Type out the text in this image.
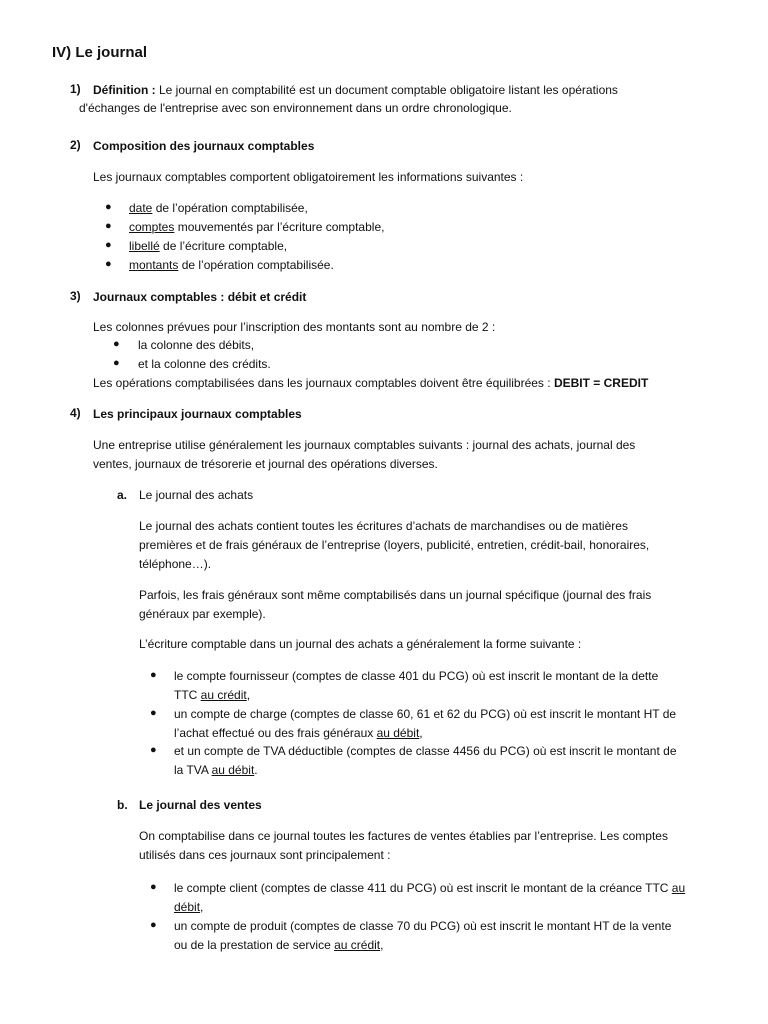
IV) Le journal
1) Définition : Le journal en comptabilité est un document comptable obligatoire listant les opérations
d'échanges de l'entreprise avec son environnement dans un ordre chronologique.
2) Composition des journaux comptables
Les journaux comptables comportent obligatoirement les informations suivantes :
● date de l’opération comptabilisée,
● comptes mouvementés par l’écriture comptable,
● libellé de l’écriture comptable,
● montants de l’opération comptabilisée.
3) Journaux comptables : débit et crédit
Les colonnes prévues pour l’inscription des montants sont au nombre de 2 :
● la colonne des débits,
● et la colonne des crédits.
Les opérations comptabilisées dans les journaux comptables doivent être équilibrées : DEBIT = CREDIT
4) Les principaux journaux comptables
Une entreprise utilise généralement les journaux comptables suivants : journal des achats, journal des
ventes, journaux de trésorerie et journal des opérations diverses.
a. Le journal des achats
Le journal des achats contient toutes les écritures d’achats de marchandises ou de matières
premières et de frais généraux de l’entreprise (loyers, publicité, entretien, crédit-bail, honoraires,
téléphone…).
Parfois, les frais généraux sont même comptabilisés dans un journal spécifique (journal des frais
généraux par exemple).
L’écriture comptable dans un journal des achats a généralement la forme suivante :
● le compte fournisseur (comptes de classe 401 du PCG) où est inscrit le montant de la dette
TTC au crédit,
● un compte de charge (comptes de classe 60, 61 et 62 du PCG) où est inscrit le montant HT de
l’achat effectué ou des frais généraux au débit,
● et un compte de TVA déductible (comptes de classe 4456 du PCG) où est inscrit le montant de
la TVA au débit.
b. Le journal des ventes
On comptabilise dans ce journal toutes les factures de ventes établies par l’entreprise. Les comptes
utilisés dans ces journaux sont principalement :
● le compte client (comptes de classe 411 du PCG) où est inscrit le montant de la créance TTC au
débit,
● un compte de produit (comptes de classe 70 du PCG) où est inscrit le montant HT de la vente
ou de la prestation de service au crédit,
